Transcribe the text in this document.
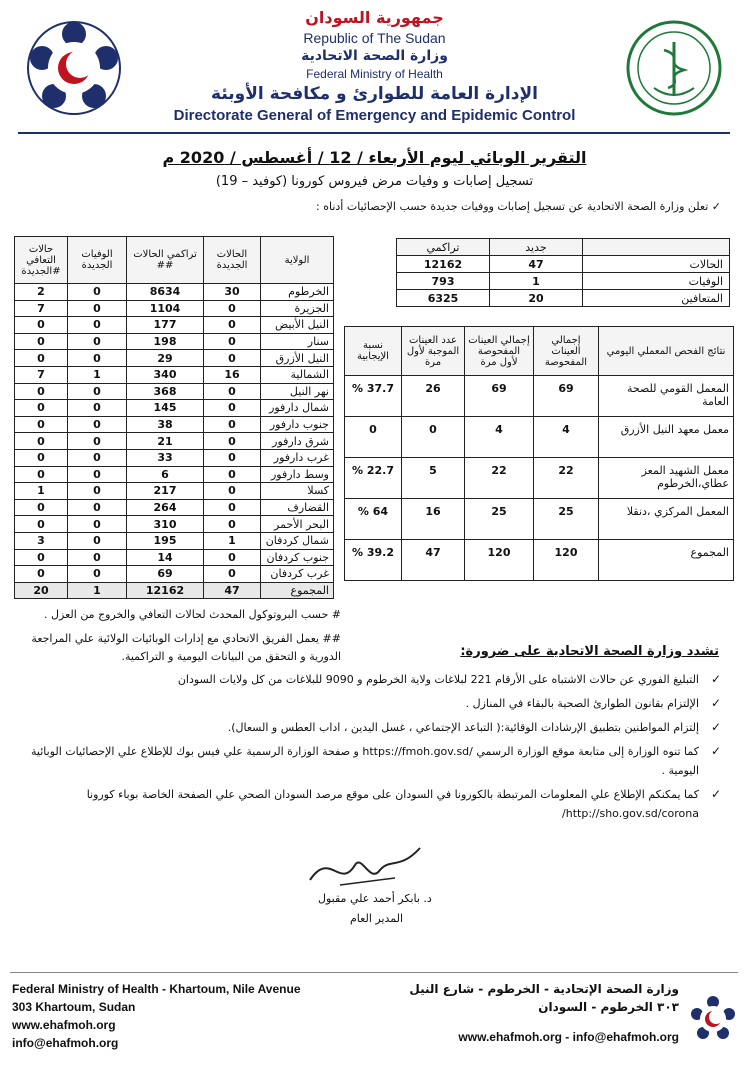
جمهورية السودان
Republic of The Sudan
وزارة الصحة الاتحادية
Federal Ministry of Health
الإدارة العامة للطوارئ و مكافحة الأوبئة
Directorate General of Emergency and Epidemic Control
التقرير الوبائي ليوم الأربعاء / 12 / أغسطس / 2020 م
تسجيل إصابات و وفيات مرض فيروس كورونا (كوفيد – 19)
✓ تعلن وزارة الصحة الاتحادية عن تسجيل إصابات ووفيات جديدة حسب الإحصائيات أدناه :
حالات التعافي الجديدة#	الوفيات الجديدة	تراكمي الحالات ##	الحالات الجديدة	الولاية
2	0	8634	30	الخرطوم
7	0	1104	0	الجزيرة
0	0	177	0	النيل الأبيض
0	0	198	0	سنار
0	0	29	0	النيل الأزرق
7	1	340	16	الشمالية
0	0	368	0	نهر النيل
0	0	145	0	شمال دارفور
0	0	38	0	جنوب دارفور
0	0	21	0	شرق دارفور
0	0	33	0	غرب دارفور
0	0	6	0	وسط دارفور
1	0	217	0	كسلا
0	0	264	0	القضارف
0	0	310	0	البحر الأحمر
3	0	195	1	شمال كردفان
0	0	14	0	جنوب كردفان
0	0	69	0	غرب كردفان
20	1	12162	47	المجموع
تراكمي	جديد	
12162	47	الحالات
793	1	الوفيات
6325	20	المتعافين
نسبة الإيجابية	عدد العينات الموجبة لأول مرة	إجمالي العينات المفحوصة لأول مرة	إجمالي العينات المفحوصة	نتائج الفحص المعملي اليومي
% 37.7	26	69	69	المعمل القومي للصحة العامة
0	0	4	4	معمل معهد النيل الأزرق
% 22.7	5	22	22	معمل الشهيد المعز عطاي،الخرطوم
% 64	16	25	25	المعمل المركزي ،دنقلا
% 39.2	47	120	120	المجموع
# حسب البروتوكول المحدث لحالات التعافي والخروج من العزل .
## يعمل الفريق الاتحادي مع إدارات الوبائيات الولائية علي المراجعة الدورية و التحقق من البيانات اليومية و التراكمية.	تشدد وزارة الصحة الاتحادية على ضرورة:
✓
التبليغ الفوري عن حالات الاشتباه على الأرقام 221 لبلاغات ولاية الخرطوم و 9090 للبلاغات من كل ولايات السودان
✓
الإلتزام بقانون الطوارئ الصحية بالبقاء في المنازل .
✓
إلتزام المواطنين بتطبيق الإرشادات الوقائية:( التباعد الإجتماعي ، غسل اليدين ، اداب العطس و السعال).
✓
كما تنوه الوزارة إلى متابعة موقع الوزارة الرسمي /https://fmoh.gov.sd و صفحة الوزارة الرسمية علي فيس بوك للإطلاع علي الإحصائيات الوبائية اليومية .
✓
كما يمكنكم الإطلاع علي المعلومات المرتبطة بالكورونا في السودان على موقع مرصد السودان الصحي علي الصفحة الخاصة بوباء كورونا http://sho.gov.sd/corona/
د. بابكر أحمد علي مقبول
المدير العام
Federal Ministry of Health - Khartoum, Nile Avenue
303 Khartoum, Sudan
www.ehafmoh.org
info@ehafmoh.org
وزارة الصحة الإتحادية - الخرطوم - شارع النيل
٣٠٣ الخرطوم - السودان
www.ehafmoh.org - info@ehafmoh.org
